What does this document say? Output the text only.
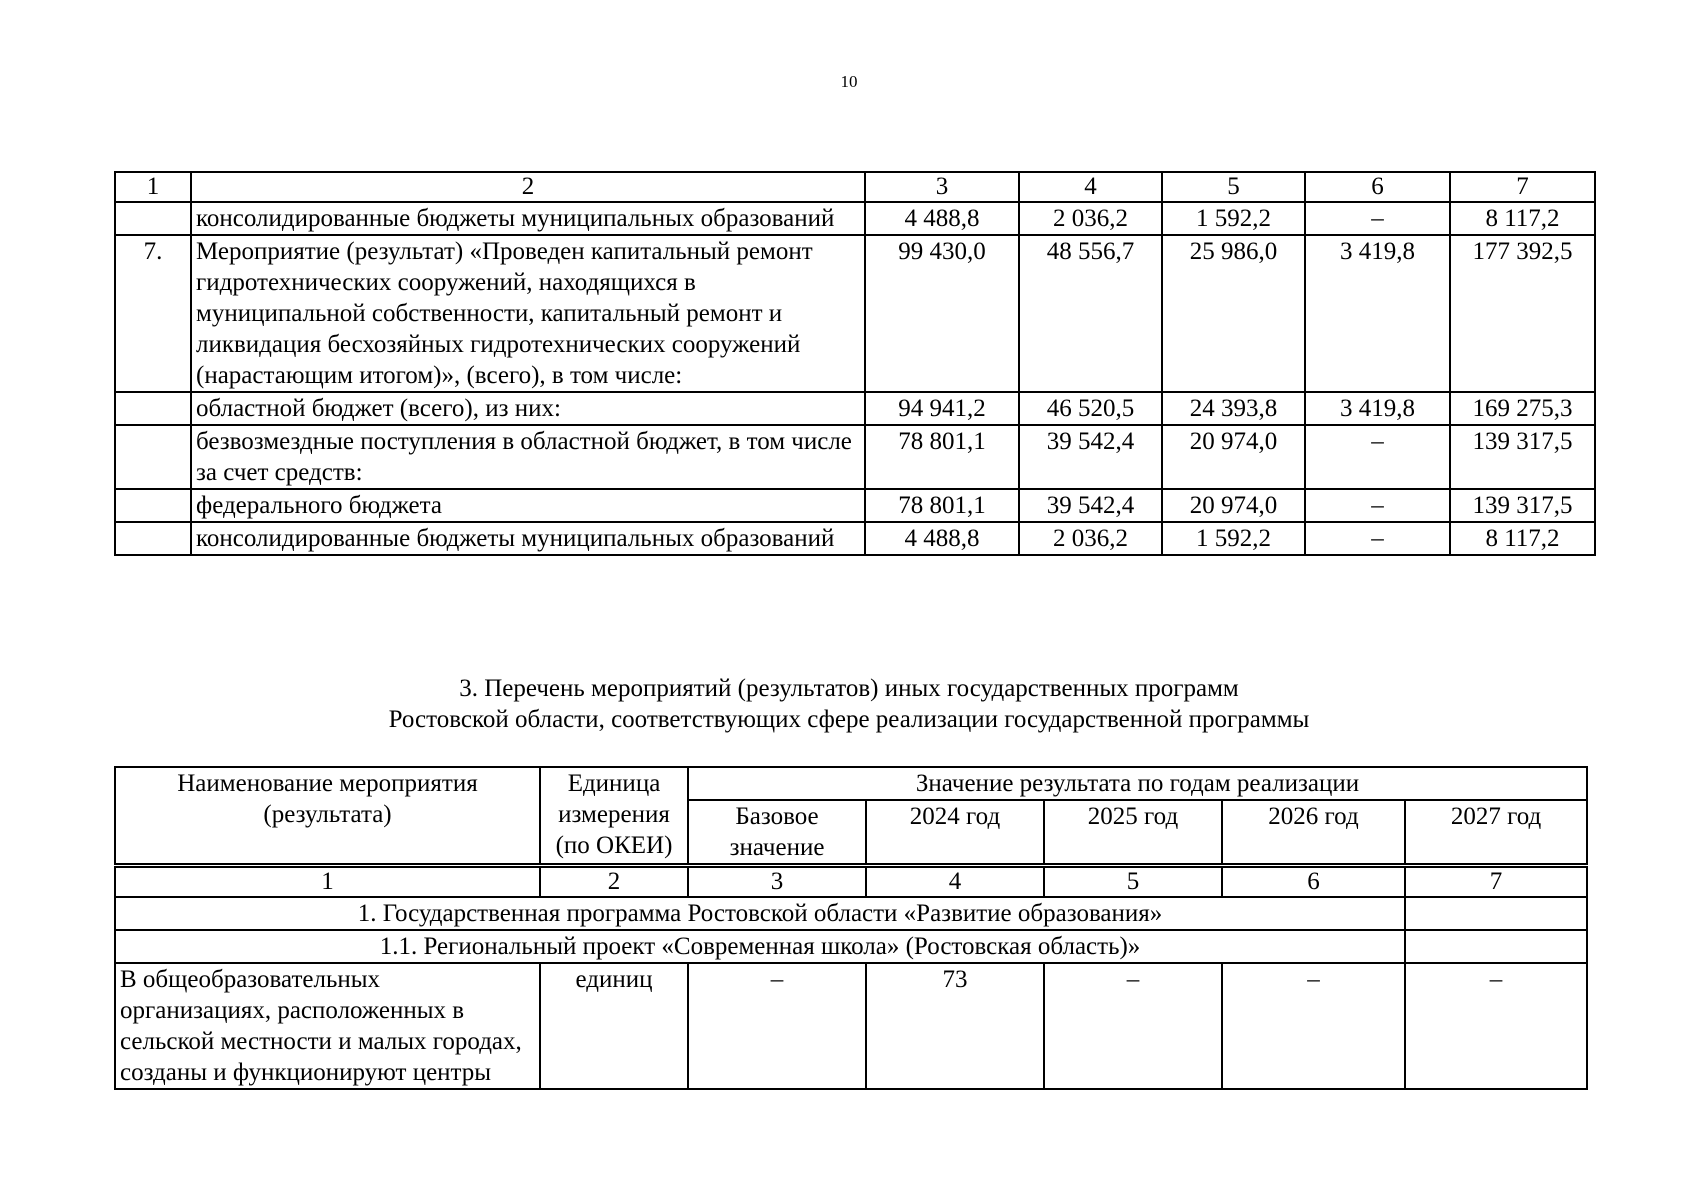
10
1	2	3	4	5	6	7
	консолидированные бюджеты муниципальных образований	4 488,8	2 036,2	1 592,2	–	8 117,2
7.	Мероприятие (результат) «Проведен капитальный ремонт гидротехнических сооружений, находящихся в муниципальной собственности, капитальный ремонт и ликвидация бесхозяйных гидротехнических сооружений (нарастающим итогом)», (всего), в том числе:	99 430,0	48 556,7	25 986,0	3 419,8	177 392,5
	областной бюджет (всего), из них:	94 941,2	46 520,5	24 393,8	3 419,8	169 275,3
	безвозмездные поступления в областной бюджет, в том числе за счет средств:	78 801,1	39 542,4	20 974,0	–	139 317,5
	федерального бюджета	78 801,1	39 542,4	20 974,0	–	139 317,5
	консолидированные бюджеты муниципальных образований	4 488,8	2 036,2	1 592,2	–	8 117,2
3. Перечень мероприятий (результатов) иных государственных программ
Ростовской области, соответствующих сфере реализации государственной программы
Наименование мероприятия (результата)	Единица измерения (по ОКЕИ)	Значение результата по годам реализации				
		Базовое значение	2024 год	2025 год	2026 год	2027 год
1	2	3	4	5	6	7
1. Государственная программа Ростовской области «Развитие образования»						
1.1. Региональный проект «Современная школа» (Ростовская область)»						
В общеобразовательных организациях, расположенных в сельской местности и малых городах, созданы и функционируют центры	единиц	–	73	–	–	–
